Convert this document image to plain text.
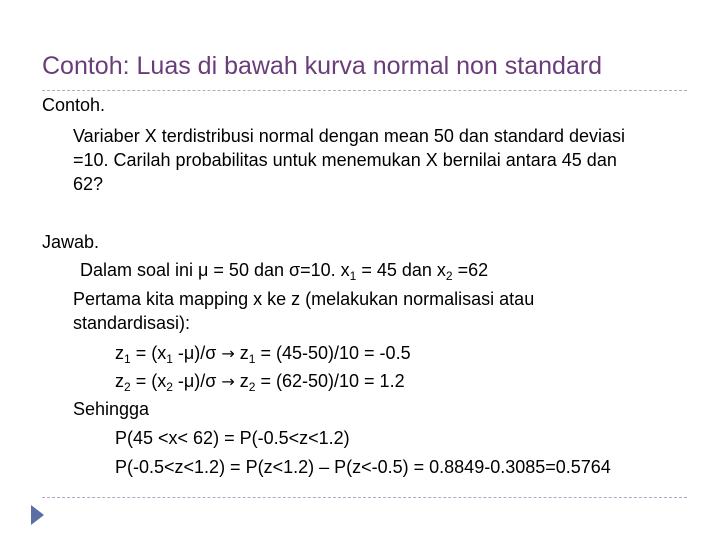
Contoh: Luas di bawah kurva normal non standard
Contoh.
Variaber X terdistribusi normal dengan mean 50 dan standard deviasi
=10. Carilah probabilitas untuk menemukan X bernilai antara 45 dan
62?
Jawab.
Dalam soal ini μ = 50 dan σ=10. $x_1 = 45$ dan $x_2 =62$
Pertama kita mapping x ke z (melakukan normalisasi atau
standardisasi):
$z_1 = (x_1$ $-\mu)/\sigma \to z_1 = (45-50)/10 = -0.5$
$z_2 = (x_2$ $-\mu)/\sigma \to z_2 = (62-50)/10 = 1.2$
Sehingga
P(45 <x< 62) = P(-0.5<z<1.2)
P(-0.5<z<1.2) = P(z<1.2) – P(z<-0.5) = 0.8849-0.3085=0.5764
